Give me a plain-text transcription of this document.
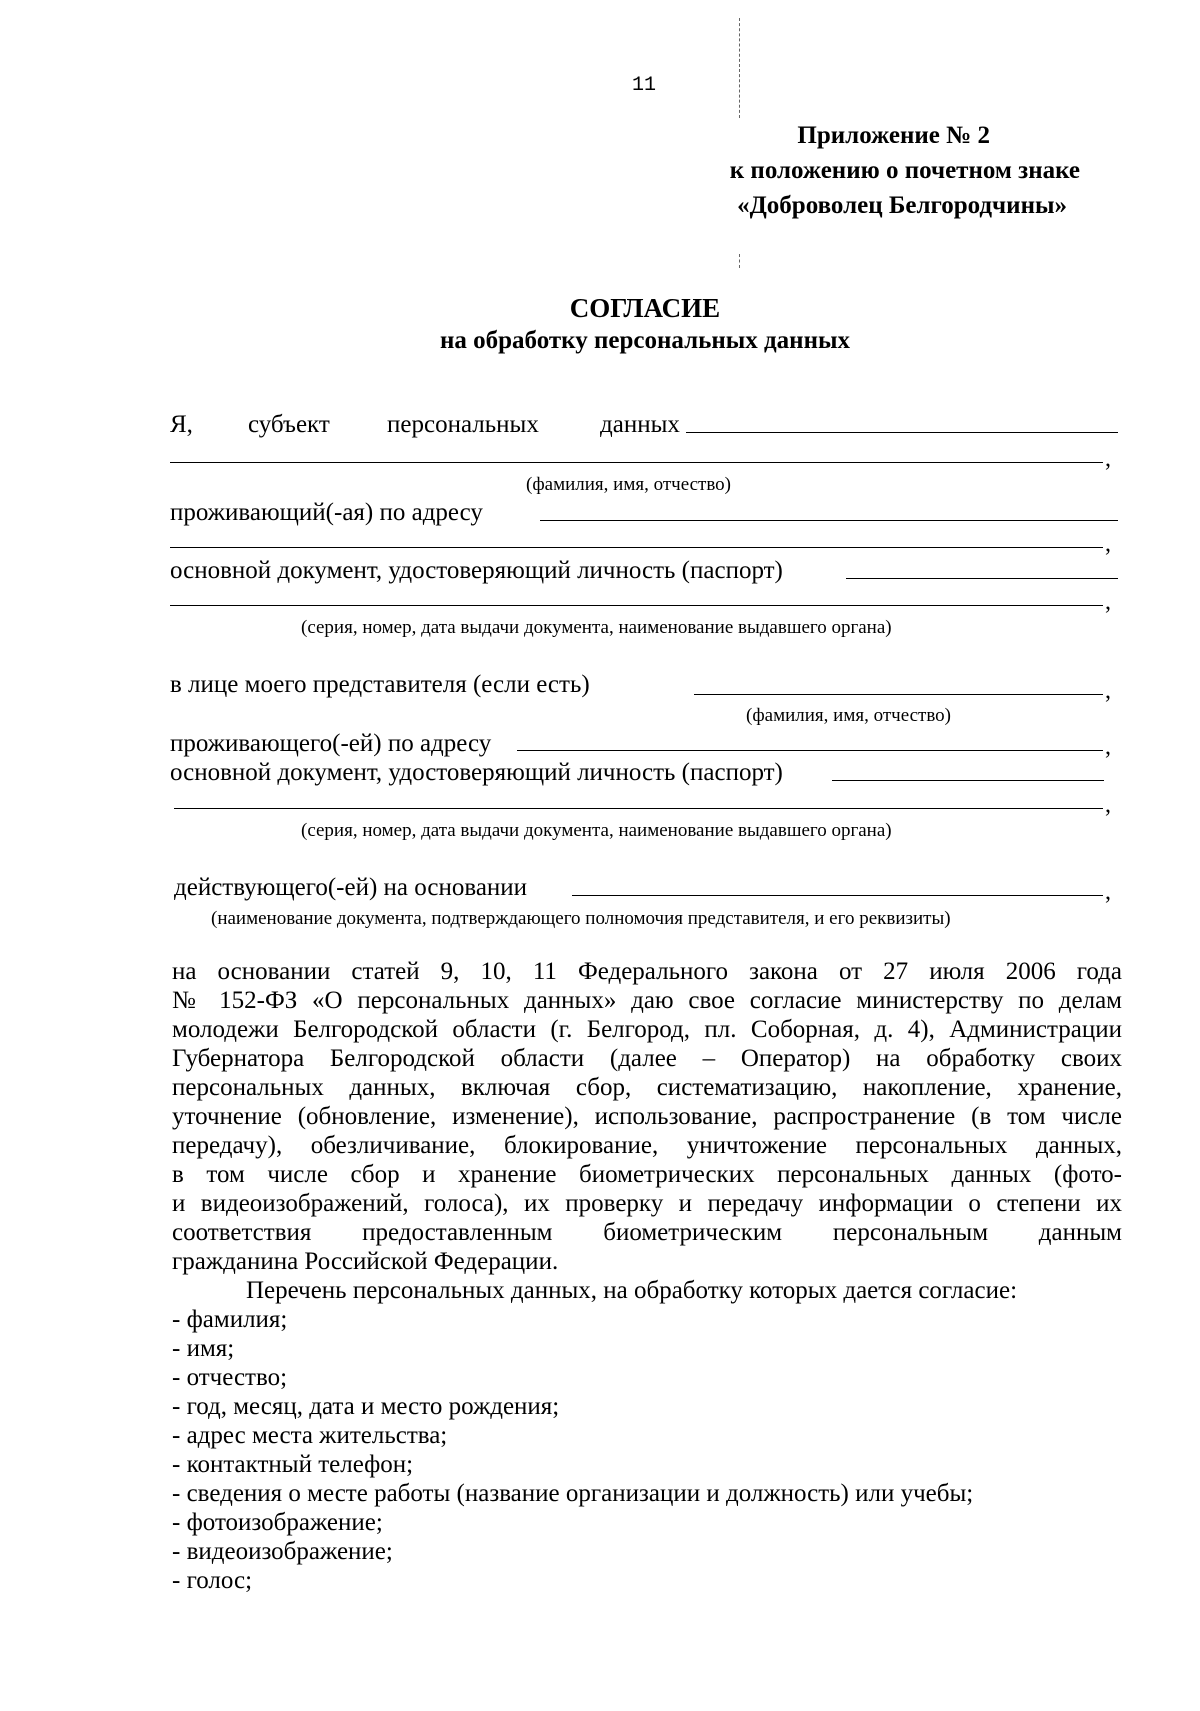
11
Приложение № 2
к положению о почетном знаке
«Доброволец Белгородчины»
СОГЛАСИЕ
на обработку персональных данных
Я, субъект персональных данных
,
(фамилия, имя, отчество)
проживающий(-ая) по адресу
,
основной документ, удостоверяющий личность (паспорт)
,
(серия, номер, дата выдачи документа, наименование выдавшего органа)
в лице моего представителя (если есть)	,
(фамилия, имя, отчество)
проживающего(-ей) по адресу	,
основной документ, удостоверяющий личность (паспорт)
,
(серия, номер, дата выдачи документа, наименование выдавшего органа)
действующего(-ей) на основании	,
(наименование документа, подтверждающего полномочия представителя, и его реквизиты)
на основании статей 9, 10, 11 Федерального закона от 27 июля 2006 года
№ 152-ФЗ «О персональных данных» даю свое согласие министерству по делам
молодежи Белгородской области (г. Белгород, пл. Соборная, д. 4), Администрации
Губернатора Белгородской области (далее – Оператор) на обработку своих
персональных данных, включая сбор, систематизацию, накопление, хранение,
уточнение (обновление, изменение), использование, распространение (в том числе
передачу), обезличивание, блокирование, уничтожение персональных данных,
в том числе сбор и хранение биометрических персональных данных (фото-
и видеоизображений, голоса), их проверку и передачу информации о степени их
соответствия предоставленным биометрическим персональным данным
гражданина Российской Федерации.
Перечень персональных данных, на обработку которых дается согласие:
- фамилия;
- имя;
- отчество;
- год, месяц, дата и место рождения;
- адрес места жительства;
- контактный телефон;
- сведения о месте работы (название организации и должность) или учебы;
- фотоизображение;
- видеоизображение;
- голос;
